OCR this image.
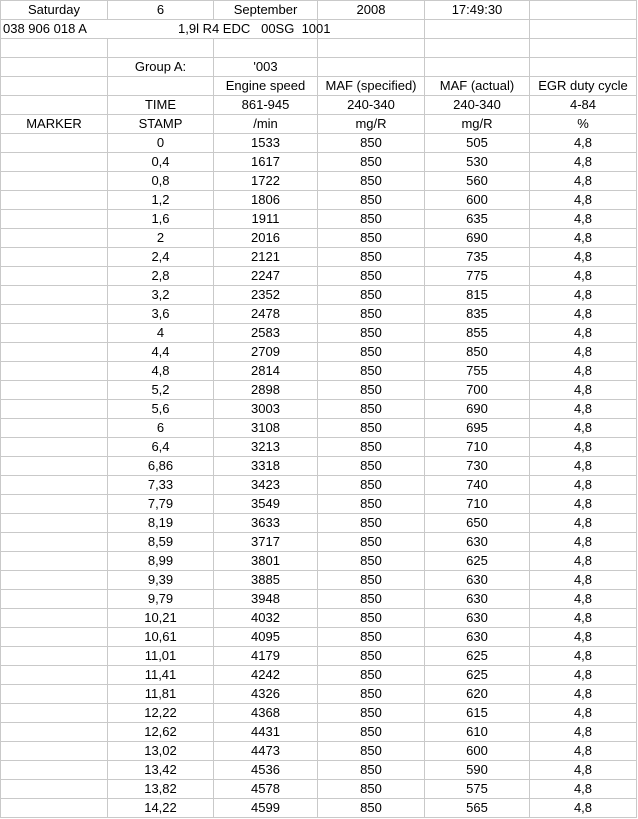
Saturday	6	September	2008	17:49:30	
038 906 018 A	1,9l R4 EDC 00SG 1001				

	Group A:	'003			
		Engine speed	MAF (specified)	MAF (actual)	EGR duty cycle
	TIME	861-945	240-340	240-340	4-84
MARKER	STAMP	/min	mg/R	mg/R	%
	0	1533	850	505	4,8
	0,4	1617	850	530	4,8
	0,8	1722	850	560	4,8
	1,2	1806	850	600	4,8
	1,6	1911	850	635	4,8
	2	2016	850	690	4,8
	2,4	2121	850	735	4,8
	2,8	2247	850	775	4,8
	3,2	2352	850	815	4,8
	3,6	2478	850	835	4,8
	4	2583	850	855	4,8
	4,4	2709	850	850	4,8
	4,8	2814	850	755	4,8
	5,2	2898	850	700	4,8
	5,6	3003	850	690	4,8
	6	3108	850	695	4,8
	6,4	3213	850	710	4,8
	6,86	3318	850	730	4,8
	7,33	3423	850	740	4,8
	7,79	3549	850	710	4,8
	8,19	3633	850	650	4,8
	8,59	3717	850	630	4,8
	8,99	3801	850	625	4,8
	9,39	3885	850	630	4,8
	9,79	3948	850	630	4,8
	10,21	4032	850	630	4,8
	10,61	4095	850	630	4,8
	11,01	4179	850	625	4,8
	11,41	4242	850	625	4,8
	11,81	4326	850	620	4,8
	12,22	4368	850	615	4,8
	12,62	4431	850	610	4,8
	13,02	4473	850	600	4,8
	13,42	4536	850	590	4,8
	13,82	4578	850	575	4,8
	14,22	4599	850	565	4,8
